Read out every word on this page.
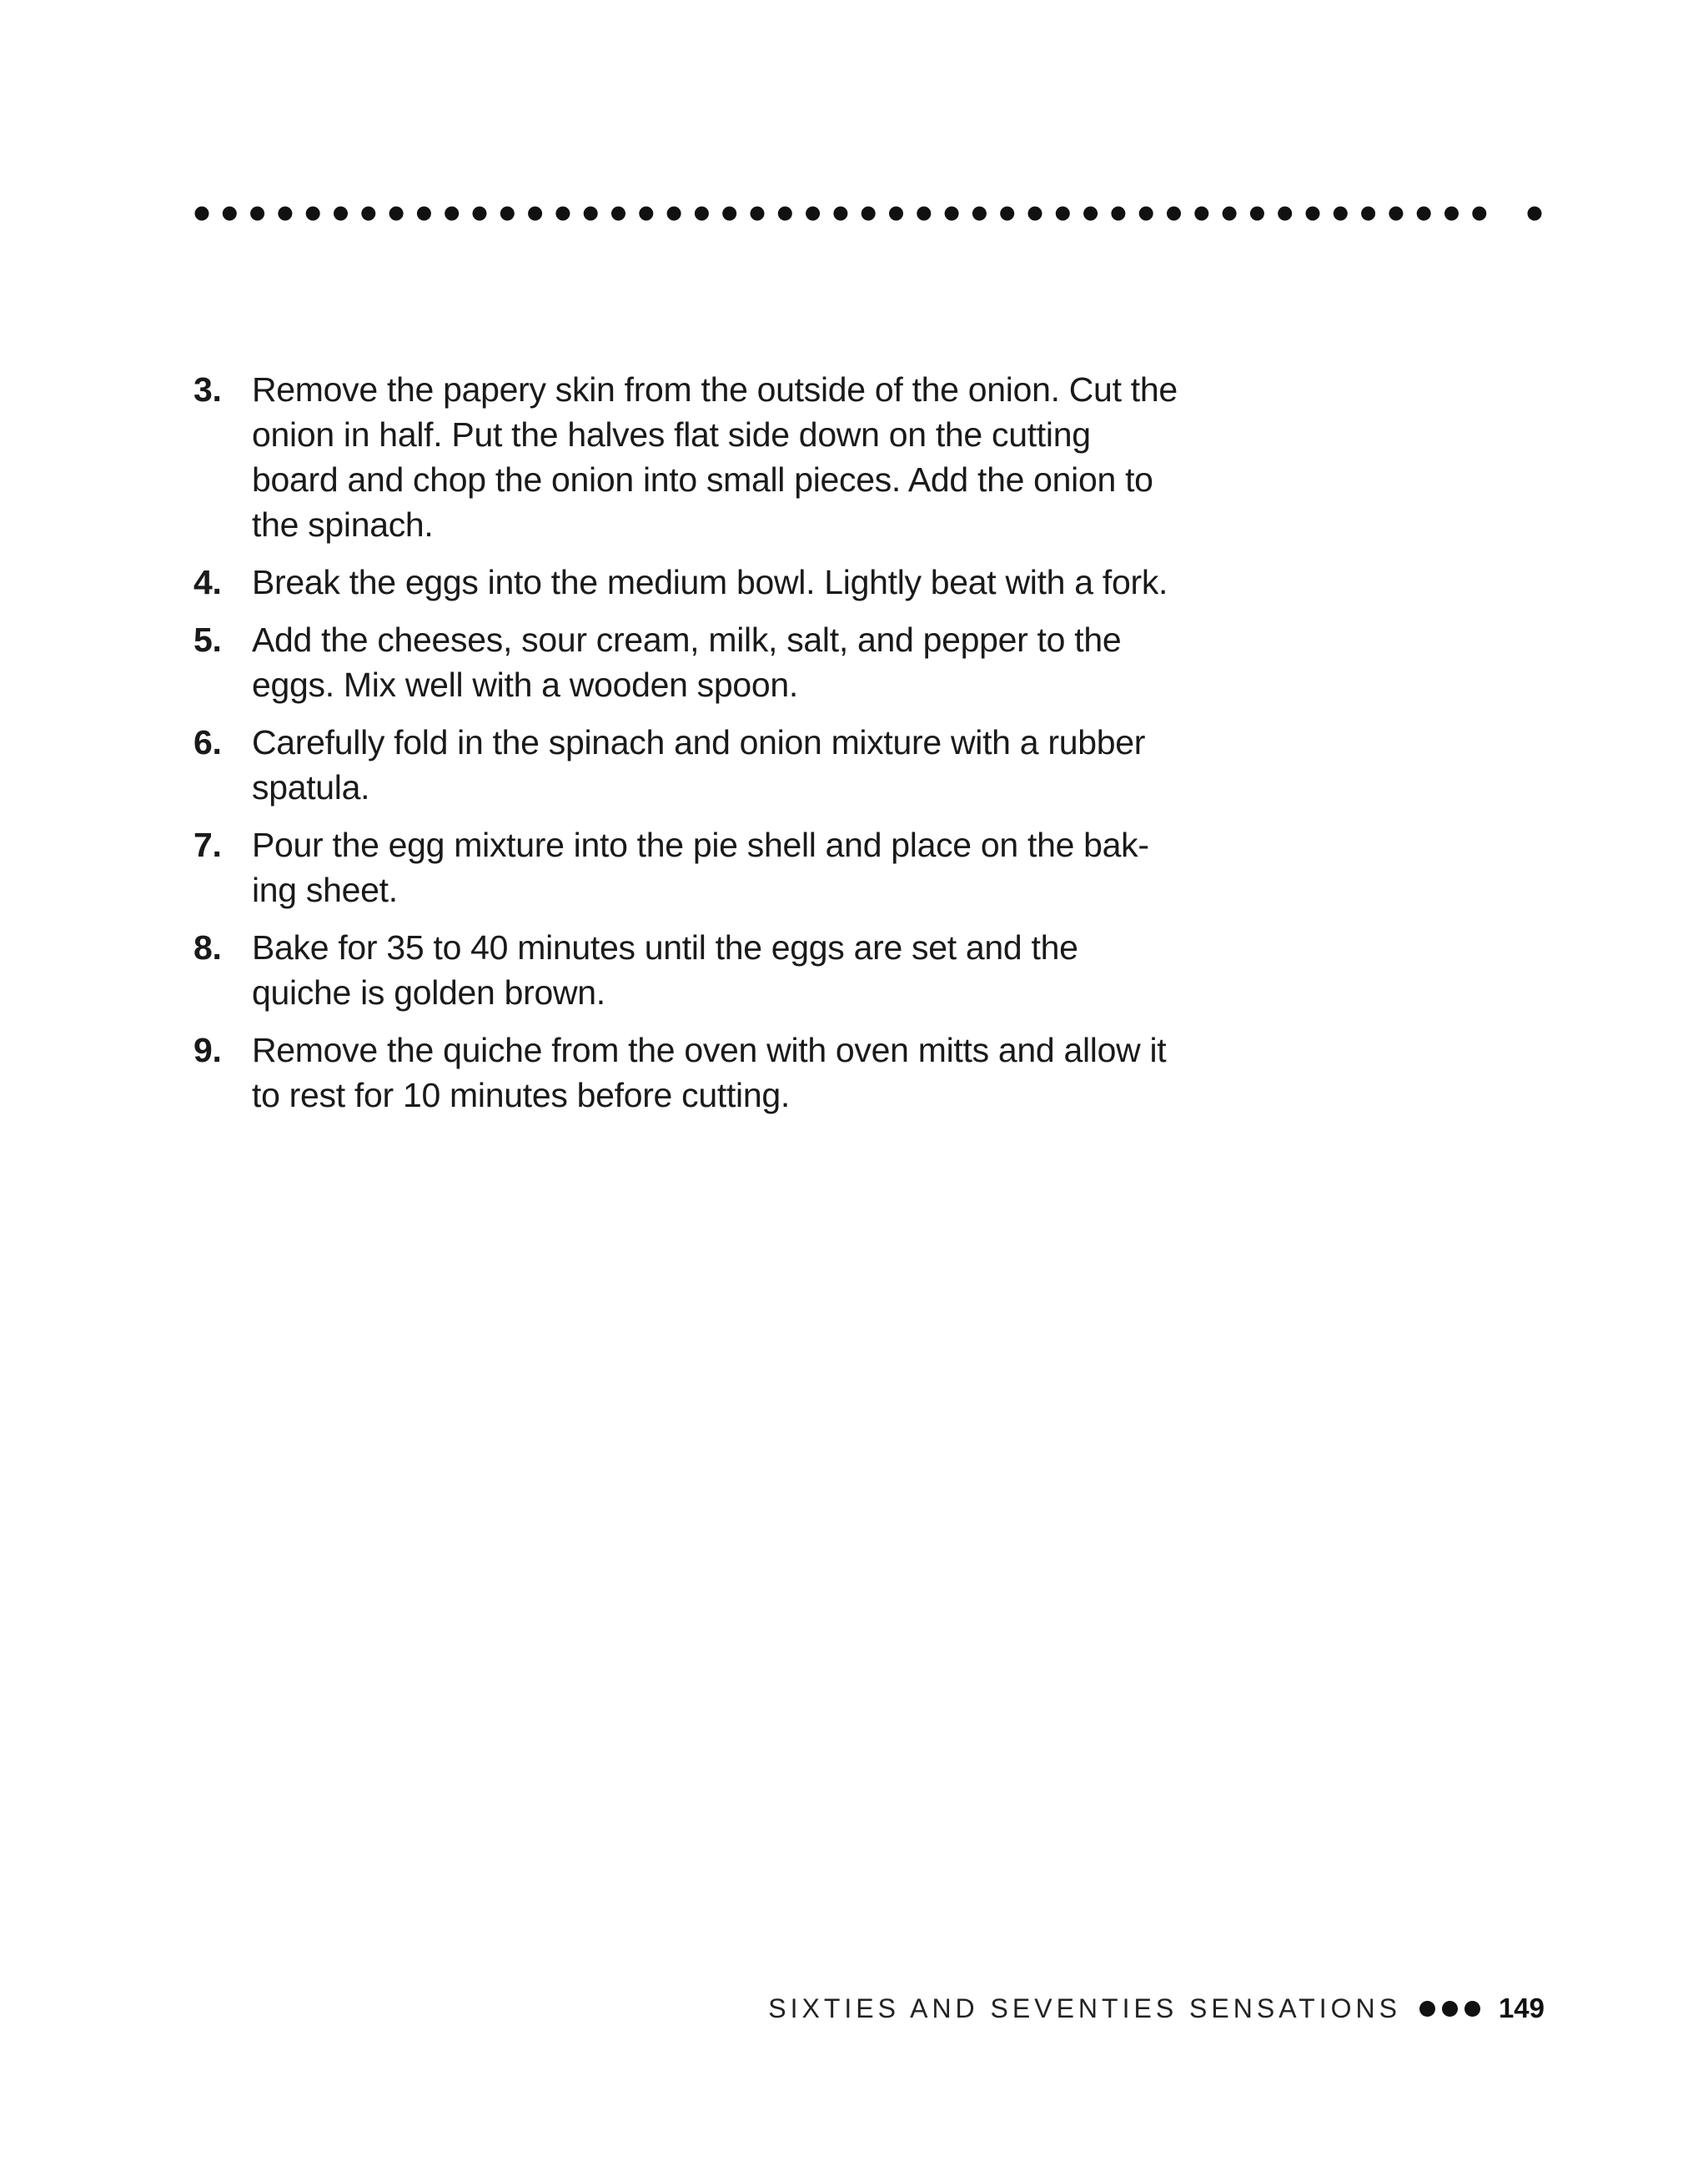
3. Remove the papery skin from the outside of the onion. Cut the onion in half. Put the halves flat side down on the cutting board and chop the onion into small pieces. Add the onion to the spinach.
4. Break the eggs into the medium bowl. Lightly beat with a fork.
5. Add the cheeses, sour cream, milk, salt, and pepper to the eggs. Mix well with a wooden spoon.
6. Carefully fold in the spinach and onion mixture with a rubber spatula.
7. Pour the egg mixture into the pie shell and place on the bak- ing sheet.
8. Bake for 35 to 40 minutes until the eggs are set and the quiche is golden brown.
9. Remove the quiche from the oven with oven mitts and allow it to rest for 10 minutes before cutting.
SIXTIES AND SEVENTIES SENSATIONS	149
